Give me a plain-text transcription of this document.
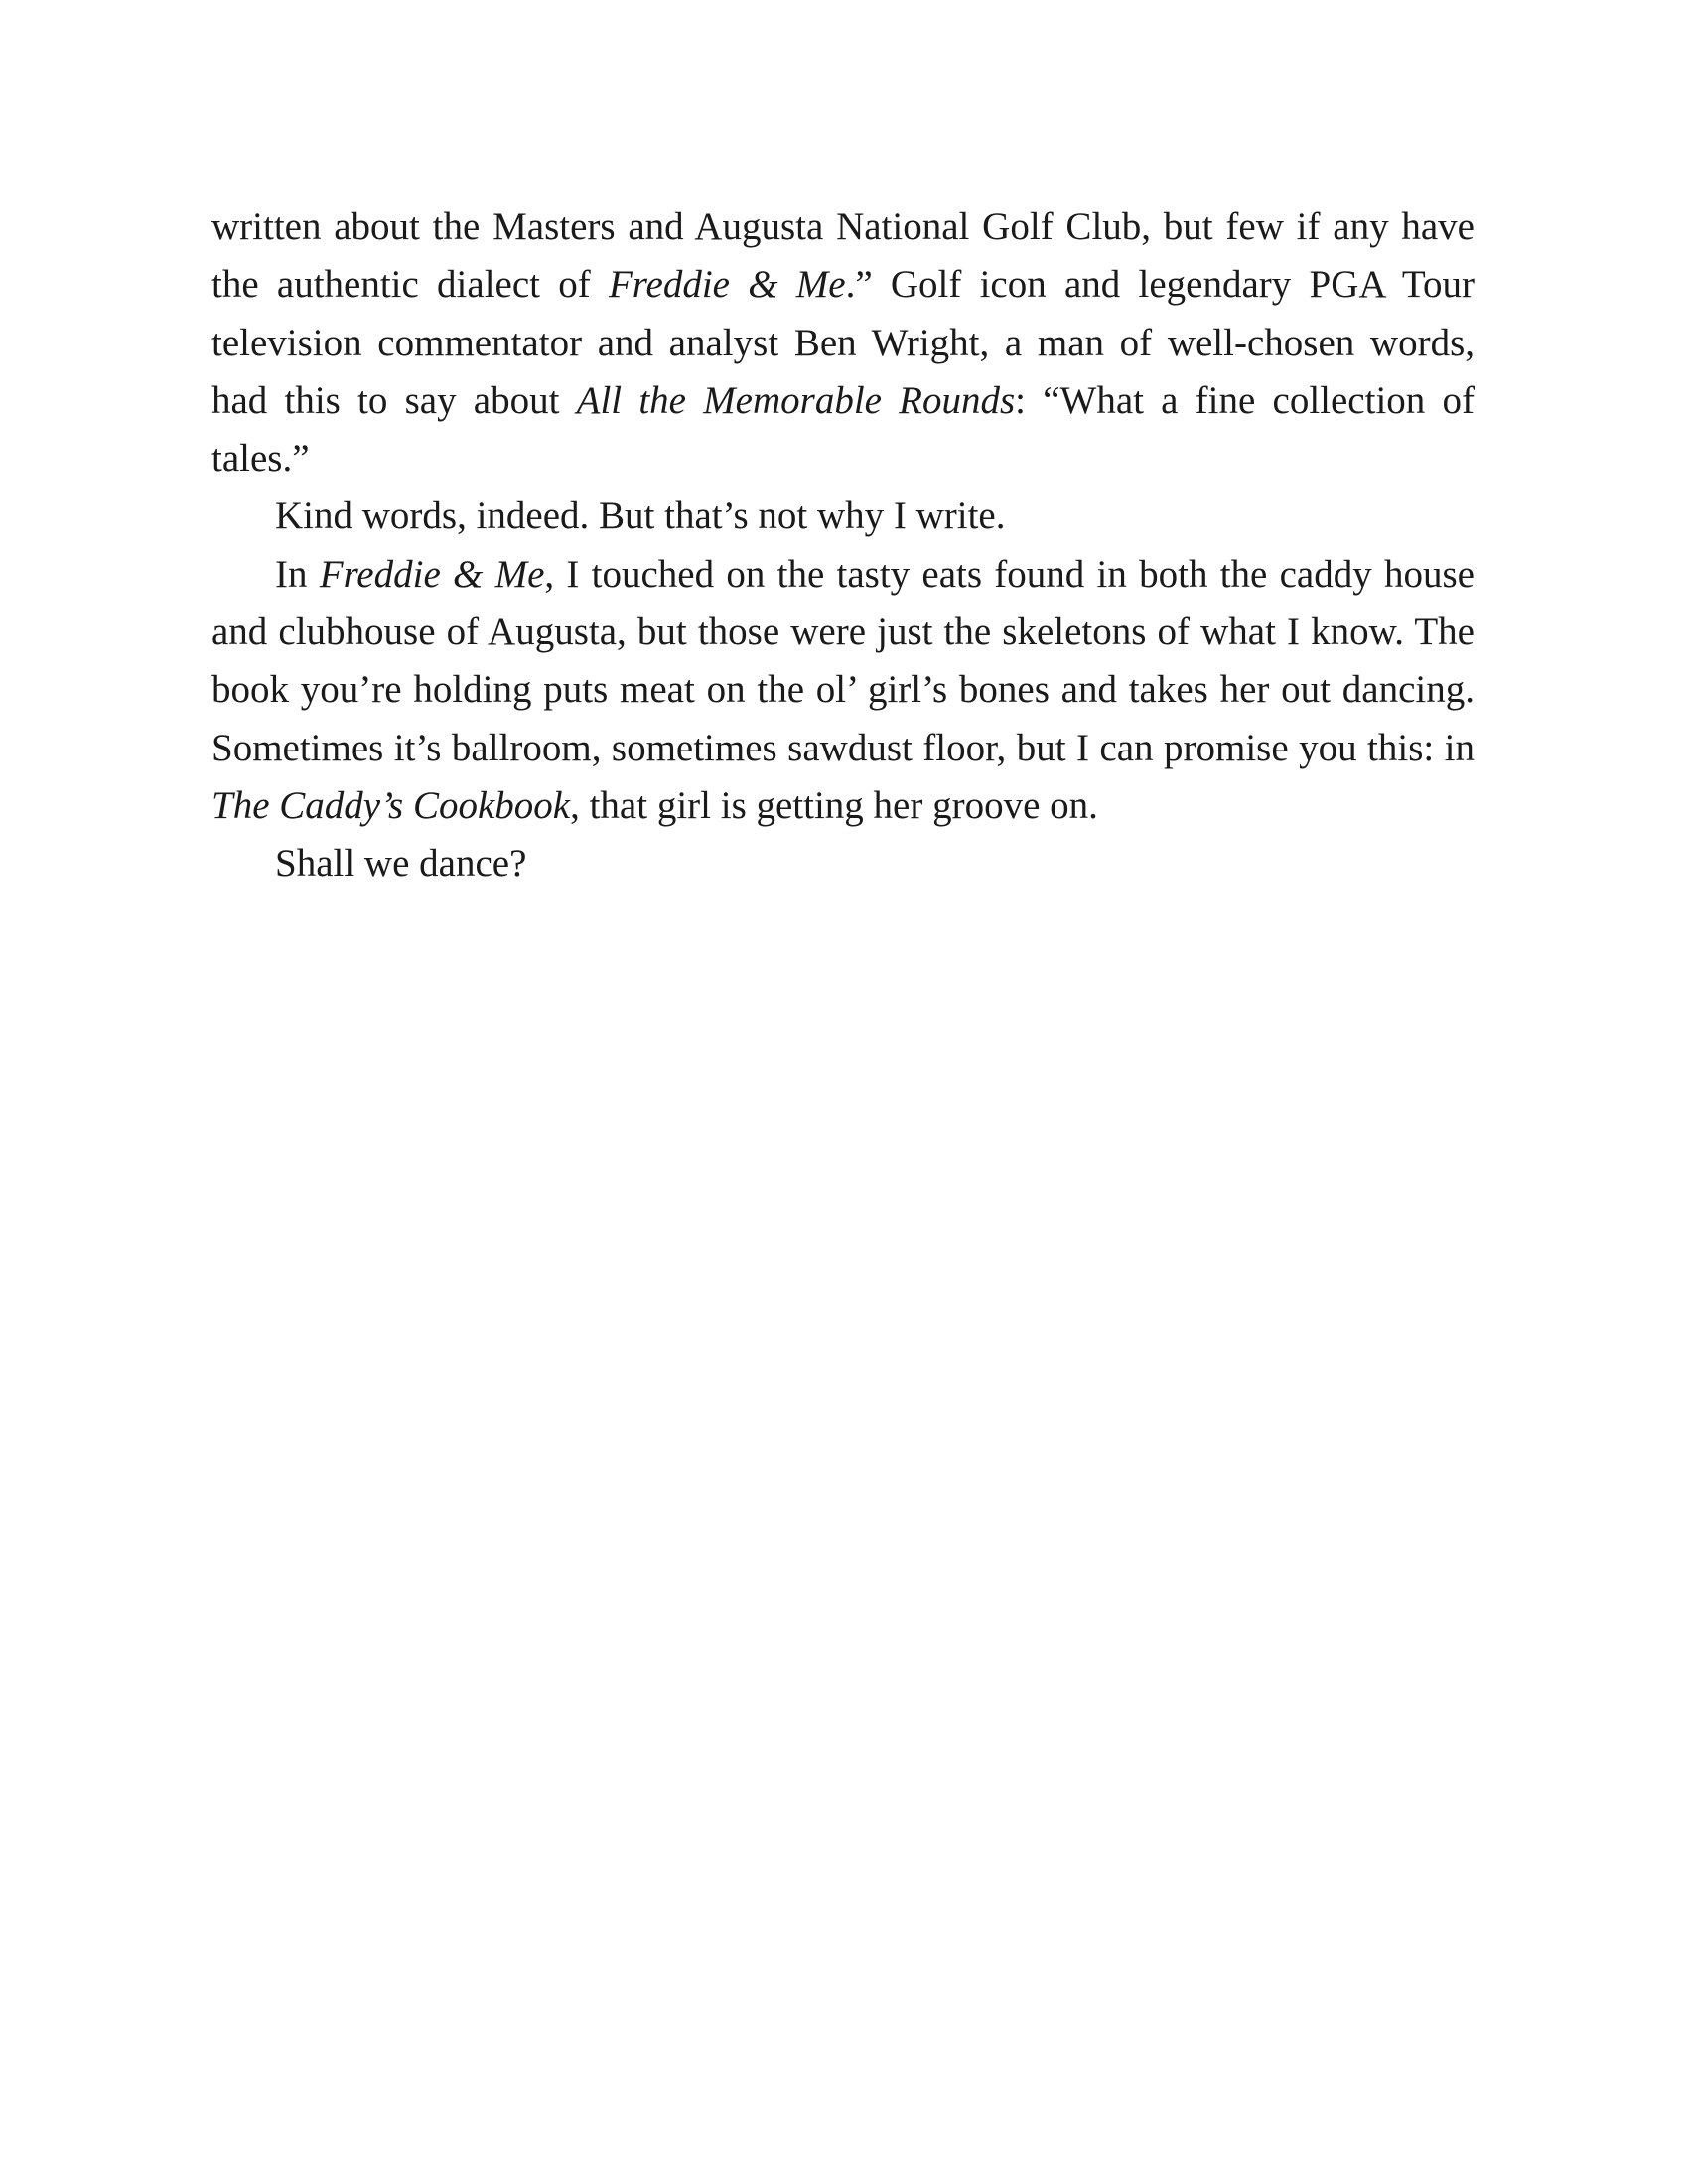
written about the Masters and Augusta National Golf Club, but few if any have the authentic dialect of Freddie & Me.” Golf icon and legendary PGA Tour television commentator and analyst Ben Wright, a man of well-chosen words, had this to say about All the Memorable Rounds: “What a fine collection of tales.”

Kind words, indeed. But that’s not why I write.

In Freddie & Me, I touched on the tasty eats found in both the caddy house and clubhouse of Augusta, but those were just the skeletons of what I know. The book you’re holding puts meat on the ol’ girl’s bones and takes her out dancing. Sometimes it’s ballroom, sometimes sawdust floor, but I can promise you this: in The Caddy’s Cookbook, that girl is getting her groove on.

Shall we dance?
